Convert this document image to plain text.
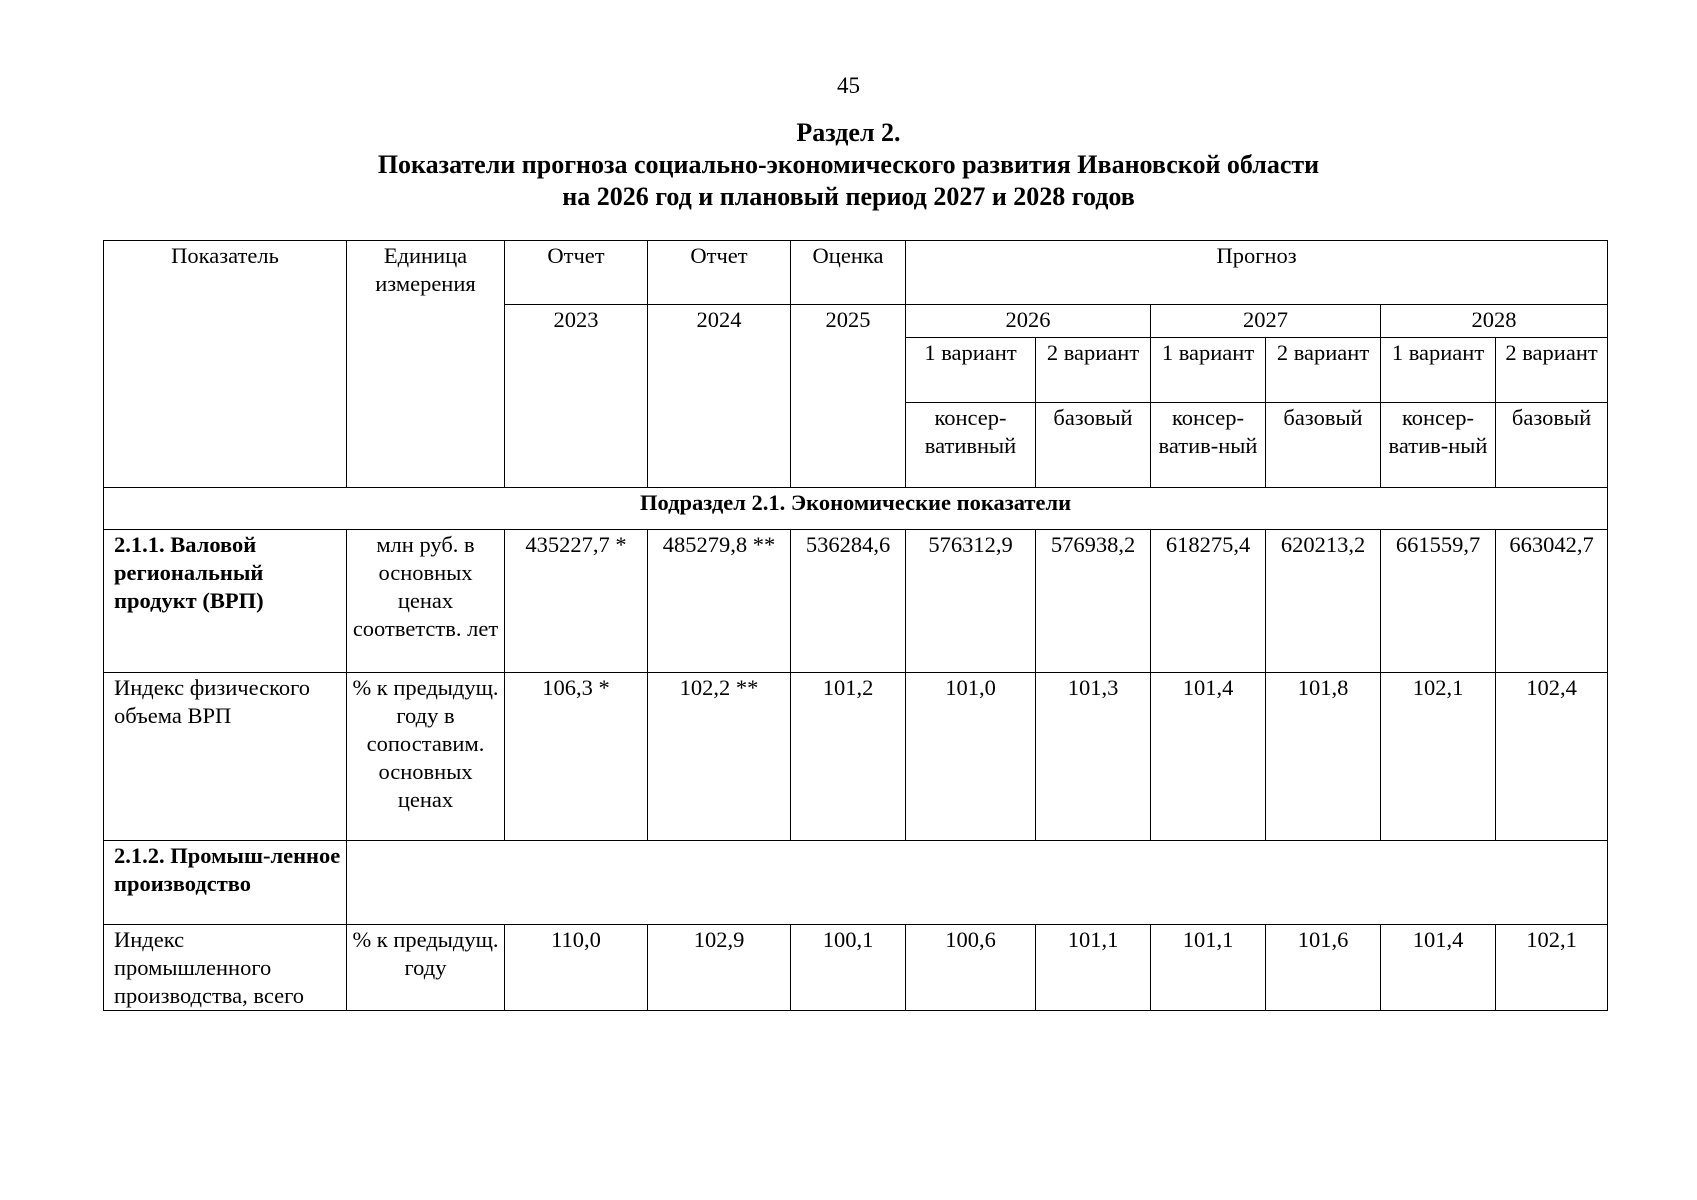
45
Раздел 2.
Показатели прогноза социально-экономического развития Ивановской области
на 2026 год и плановый период 2027 и 2028 годов
Показатель	Единица измерения	Отчет	Отчет	Оценка	Прогноз					
		2023	2024	2025	2026		2027		2028	
					1 вариант	2 вариант	1 вариант	2 вариант	1 вариант	2 вариант
					консер-вативный	базовый	консер-ватив-ный	базовый	консер-ватив-ный	базовый
Подраздел 2.1. Экономические показатели										
2.1.1. Валовой региональный продукт (ВРП)	млн руб. в основных ценах соответств. лет	435227,7 *	485279,8 **	536284,6	576312,9	576938,2	618275,4	620213,2	661559,7	663042,7
Индекс физического объема ВРП	% к предыдущ. году в сопоставим. основных ценах	106,3 *	102,2 **	101,2	101,0	101,3	101,4	101,8	102,1	102,4
2.1.2. Промыш-ленное производство										
Индекс промышленного производства, всего	% к предыдущ. году	110,0	102,9	100,1	100,6	101,1	101,1	101,6	101,4	102,1
